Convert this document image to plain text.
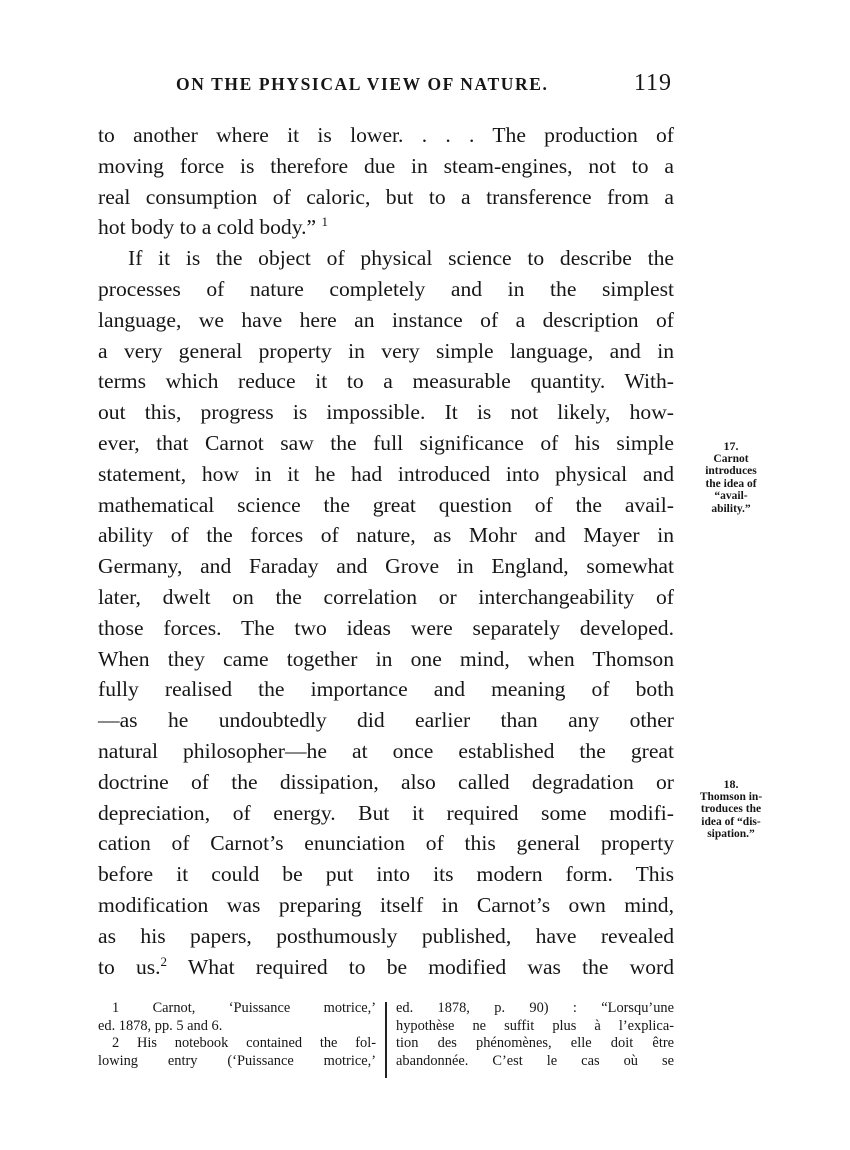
ON THE PHYSICAL VIEW OF NATURE.	119
to another where it is lower. . . . The production of
moving force is therefore due in steam-engines, not to a
real consumption of caloric, but to a transference from a
hot body to a cold body.” $^1$
If it is the object of physical science to describe the
processes of nature completely and in the simplest
language, we have here an instance of a description of
a very general property in very simple language, and in
terms which reduce it to a measurable quantity. With-
out this, progress is impossible. It is not likely, how-
ever, that Carnot saw the full significance of his simple
statement, how in it he had introduced into physical and
mathematical science the great question of the avail-
ability of the forces of nature, as Mohr and Mayer in
Germany, and Faraday and Grove in England, somewhat
later, dwelt on the correlation or interchangeability of
those forces. The two ideas were separately developed.
When they came together in one mind, when Thomson
fully realised the importance and meaning of both
—as he undoubtedly did earlier than any other
natural philosopher—he at once established the great
doctrine of the dissipation, also called degradation or
depreciation, of energy. But it required some modifi-
cation of Carnot’s enunciation of this general property
before it could be put into its modern form. This
modification was preparing itself in Carnot’s own mind,
as his papers, posthumously published, have revealed
to us.$^2$ What required to be modified was the word
17.
Carnot
introduces
the idea of
“avail-
ability.”
18.
Thomson in-
troduces the
idea of “dis-
sipation.”
1 Carnot, ‘Puissance motrice,’
ed. 1878, pp. 5 and 6.
2 His notebook contained the fol-
lowing entry (‘Puissance motrice,’
ed. 1878, p. 90) : “Lorsqu’une
hypothèse ne suffit plus à l’explica-
tion des phénomènes, elle doit être
abandonnée. C’est le cas où se
